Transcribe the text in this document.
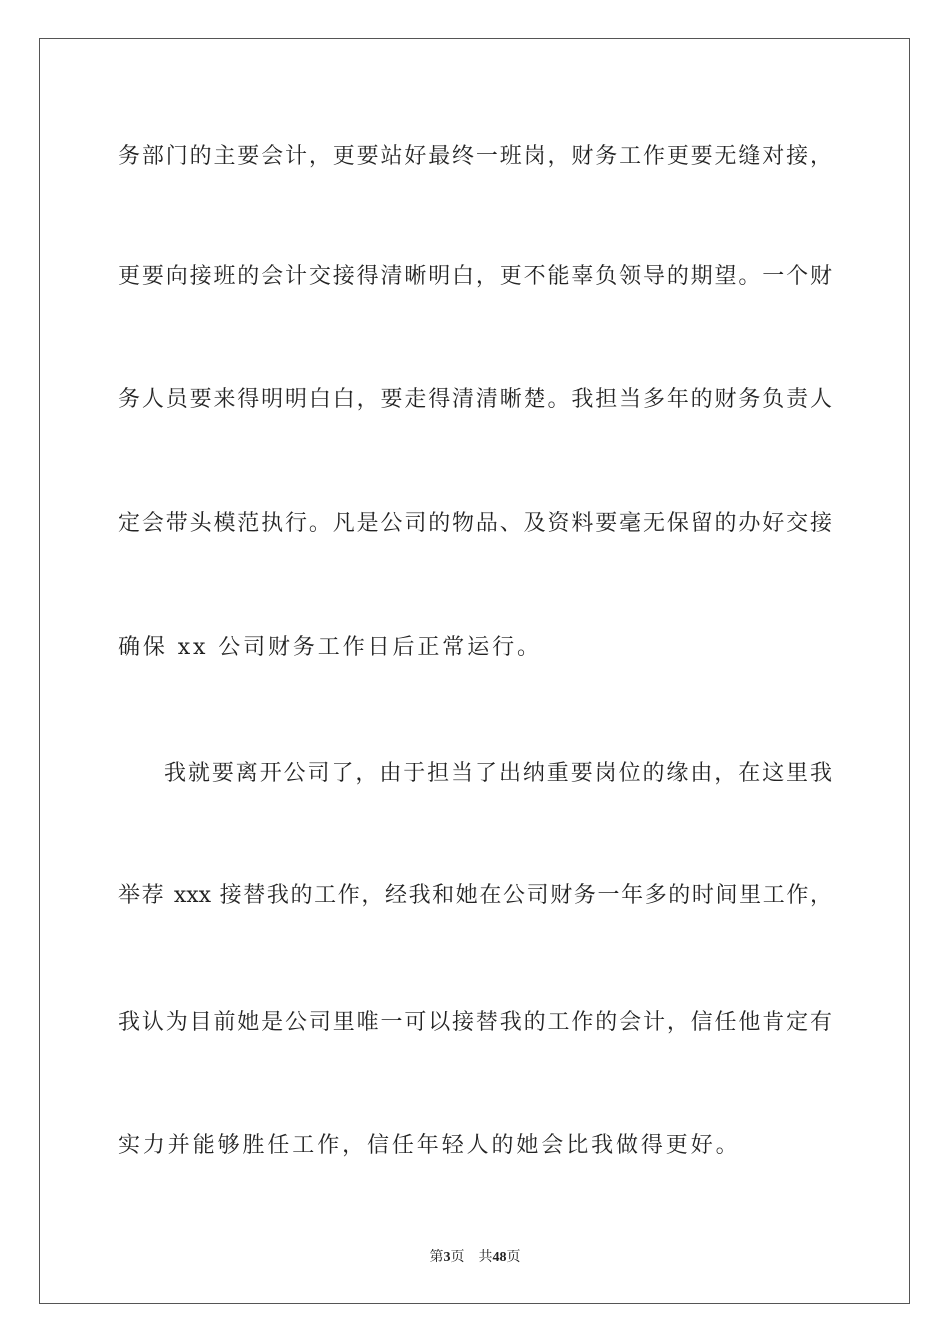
务部门的主要会计，更要站好最终一班岗，财务工作更要无缝对接，
更要向接班的会计交接得清晰明白，更不能辜负领导的期望。一个财
务人员要来得明明白白，要走得清清晰楚。我担当多年的财务负责人
定会带头模范执行。凡是公司的物品、及资料要毫无保留的办好交接
确保 xx 公司财务工作日后正常运行。
我就要离开公司了，由于担当了出纳重要岗位的缘由，在这里我
举荐 xxx 接替我的工作，经我和她在公司财务一年多的时间里工作，
我认为目前她是公司里唯一可以接替我的工作的会计，信任他肯定有
实力并能够胜任工作，信任年轻人的她会比我做得更好。
第3页 共48页
